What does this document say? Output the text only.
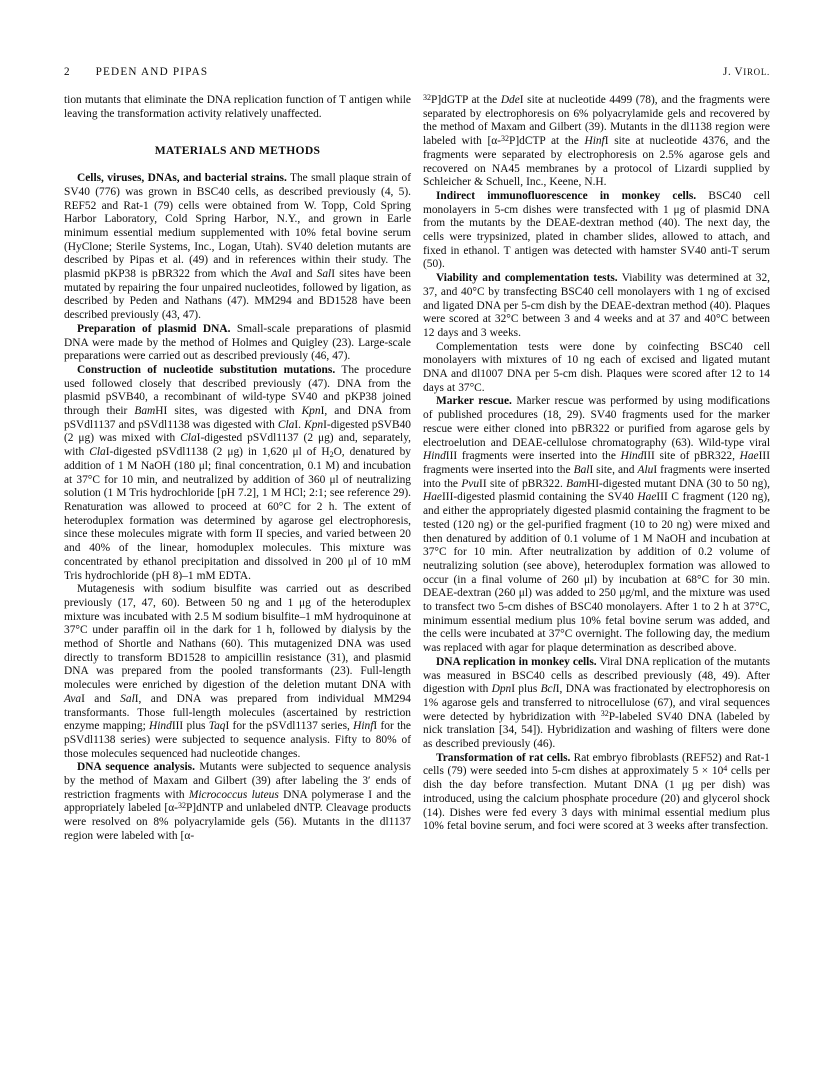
2 PEDEN AND PIPAS	J. VIROL.

tion mutants that eliminate the DNA replication function of T antigen while leaving the transformation activity relatively unaffected.

MATERIALS AND METHODS

Cells, viruses, DNAs, and bacterial strains. The small plaque strain of SV40 (776) was grown in BSC40 cells, as described previously (4, 5). REF52 and Rat-1 (79) cells were obtained from W. Topp, Cold Spring Harbor Laboratory, Cold Spring Harbor, N.Y., and grown in Earle minimum essential medium supplemented with 10% fetal bovine serum (HyClone; Sterile Systems, Inc., Logan, Utah). SV40 deletion mutants are described by Pipas et al. (49) and in references within their study. The plasmid pKP38 is pBR322 from which the AvaI and SalI sites have been mutated by repairing the four unpaired nucleotides, followed by ligation, as described by Peden and Nathans (47). MM294 and BD1528 have been described previously (43, 47).

Preparation of plasmid DNA. Small-scale preparations of plasmid DNA were made by the method of Holmes and Quigley (23). Large-scale preparations were carried out as described previously (46, 47).

Construction of nucleotide substitution mutations. The procedure used followed closely that described previously (47). DNA from the plasmid pSVB40, a recombinant of wild-type SV40 and pKP38 joined through their BamHI sites, was digested with KpnI, and DNA from pSVdl1137 and pSVdl1138 was digested with ClaI. KpnI-digested pSVB40 (2 μg) was mixed with ClaI-digested pSVdl1137 (2 μg) and, separately, with ClaI-digested pSVdl1138 (2 μg) in 1,620 μl of H2O, denatured by addition of 1 M NaOH (180 μl; final concentration, 0.1 M) and incubation at 37°C for 10 min, and neutralized by addition of 360 μl of neutralizing solution (1 M Tris hydrochloride [pH 7.2], 1 M HCl; 2:1; see reference 29). Renaturation was allowed to proceed at 60°C for 2 h. The extent of heteroduplex formation was determined by agarose gel electrophoresis, since these molecules migrate with form II species, and varied between 20 and 40% of the linear, homoduplex molecules. This mixture was concentrated by ethanol precipitation and dissolved in 200 μl of 10 mM Tris hydrochloride (pH 8)–1 mM EDTA.

Mutagenesis with sodium bisulfite was carried out as described previously (17, 47, 60). Between 50 ng and 1 μg of the heteroduplex mixture was incubated with 2.5 M sodium bisulfite–1 mM hydroquinone at 37°C under paraffin oil in the dark for 1 h, followed by dialysis by the method of Shortle and Nathans (60). This mutagenized DNA was used directly to transform BD1528 to ampicillin resistance (31), and plasmid DNA was prepared from the pooled transformants (23). Full-length molecules were enriched by digestion of the deletion mutant DNA with AvaI and SalI, and DNA was prepared from individual MM294 transformants. Those full-length molecules (ascertained by restriction enzyme mapping; HindIII plus TaqI for the pSVdl1137 series, HinfI for the pSVdl1138 series) were subjected to sequence analysis. Fifty to 80% of those molecules sequenced had nucleotide changes.

DNA sequence analysis. Mutants were subjected to sequence analysis by the method of Maxam and Gilbert (39) after labeling the 3′ ends of restriction fragments with Micrococcus luteus DNA polymerase I and the appropriately labeled [α-$^{32}$P]dNTP and unlabeled dNTP. Cleavage products were resolved on 8% polyacrylamide gels (56). Mutants in the dl1137 region were labeled with [α-

$^{32}$P]dGTP at the DdeI site at nucleotide 4499 (78), and the fragments were separated by electrophoresis on 6% polyacrylamide gels and recovered by the method of Maxam and Gilbert (39). Mutants in the dl1138 region were labeled with [α-$^{32}$P]dCTP at the HinfI site at nucleotide 4376, and the fragments were separated by electrophoresis on 2.5% agarose gels and recovered on NA45 membranes by a protocol of Lizardi supplied by Schleicher & Schuell, Inc., Keene, N.H.

Indirect immunofluorescence in monkey cells. BSC40 cell monolayers in 5-cm dishes were transfected with 1 μg of plasmid DNA from the mutants by the DEAE-dextran method (40). The next day, the cells were trypsinized, plated in chamber slides, allowed to attach, and fixed in ethanol. T antigen was detected with hamster SV40 anti-T serum (50).

Viability and complementation tests. Viability was determined at 32, 37, and 40°C by transfecting BSC40 cell monolayers with 1 ng of excised and ligated DNA per 5-cm dish by the DEAE-dextran method (40). Plaques were scored at 32°C between 3 and 4 weeks and at 37 and 40°C between 12 days and 3 weeks.

Complementation tests were done by coinfecting BSC40 cell monolayers with mixtures of 10 ng each of excised and ligated mutant DNA and dl1007 DNA per 5-cm dish. Plaques were scored after 12 to 14 days at 37°C.

Marker rescue. Marker rescue was performed by using modifications of published procedures (18, 29). SV40 fragments used for the marker rescue were either cloned into pBR322 or purified from agarose gels by electroelution and DEAE-cellulose chromatography (63). Wild-type viral HindIII fragments were inserted into the HindIII site of pBR322, HaeIII fragments were inserted into the BalI site, and AluI fragments were inserted into the PvuII site of pBR322. BamHI-digested mutant DNA (30 to 50 ng), HaeIII-digested plasmid containing the SV40 HaeIII C fragment (120 ng), and either the appropriately digested plasmid containing the fragment to be tested (120 ng) or the gel-purified fragment (10 to 20 ng) were mixed and then denatured by addition of 0.1 volume of 1 M NaOH and incubation at 37°C for 10 min. After neutralization by addition of 0.2 volume of neutralizing solution (see above), heteroduplex formation was allowed to occur (in a final volume of 260 μl) by incubation at 68°C for 30 min. DEAE-dextran (260 μl) was added to 250 μg/ml, and the mixture was used to transfect two 5-cm dishes of BSC40 monolayers. After 1 to 2 h at 37°C, minimum essential medium plus 10% fetal bovine serum was added, and the cells were incubated at 37°C overnight. The following day, the medium was replaced with agar for plaque determination as described above.

DNA replication in monkey cells. Viral DNA replication of the mutants was measured in BSC40 cells as described previously (48, 49). After digestion with DpnI plus BclI, DNA was fractionated by electrophoresis on 1% agarose gels and transferred to nitrocellulose (67), and viral sequences were detected by hybridization with $^{32}$P-labeled SV40 DNA (labeled by nick translation [34, 54]). Hybridization and washing of filters were done as described previously (46).

Transformation of rat cells. Rat embryo fibroblasts (REF52) and Rat-1 cells (79) were seeded into 5-cm dishes at approximately $5 \times 10^4$ cells per dish the day before transfection. Mutant DNA (1 μg per dish) was introduced, using the calcium phosphate procedure (20) and glycerol shock (14). Dishes were fed every 3 days with minimal essential medium plus 10% fetal bovine serum, and foci were scored at 3 weeks after transfection.
